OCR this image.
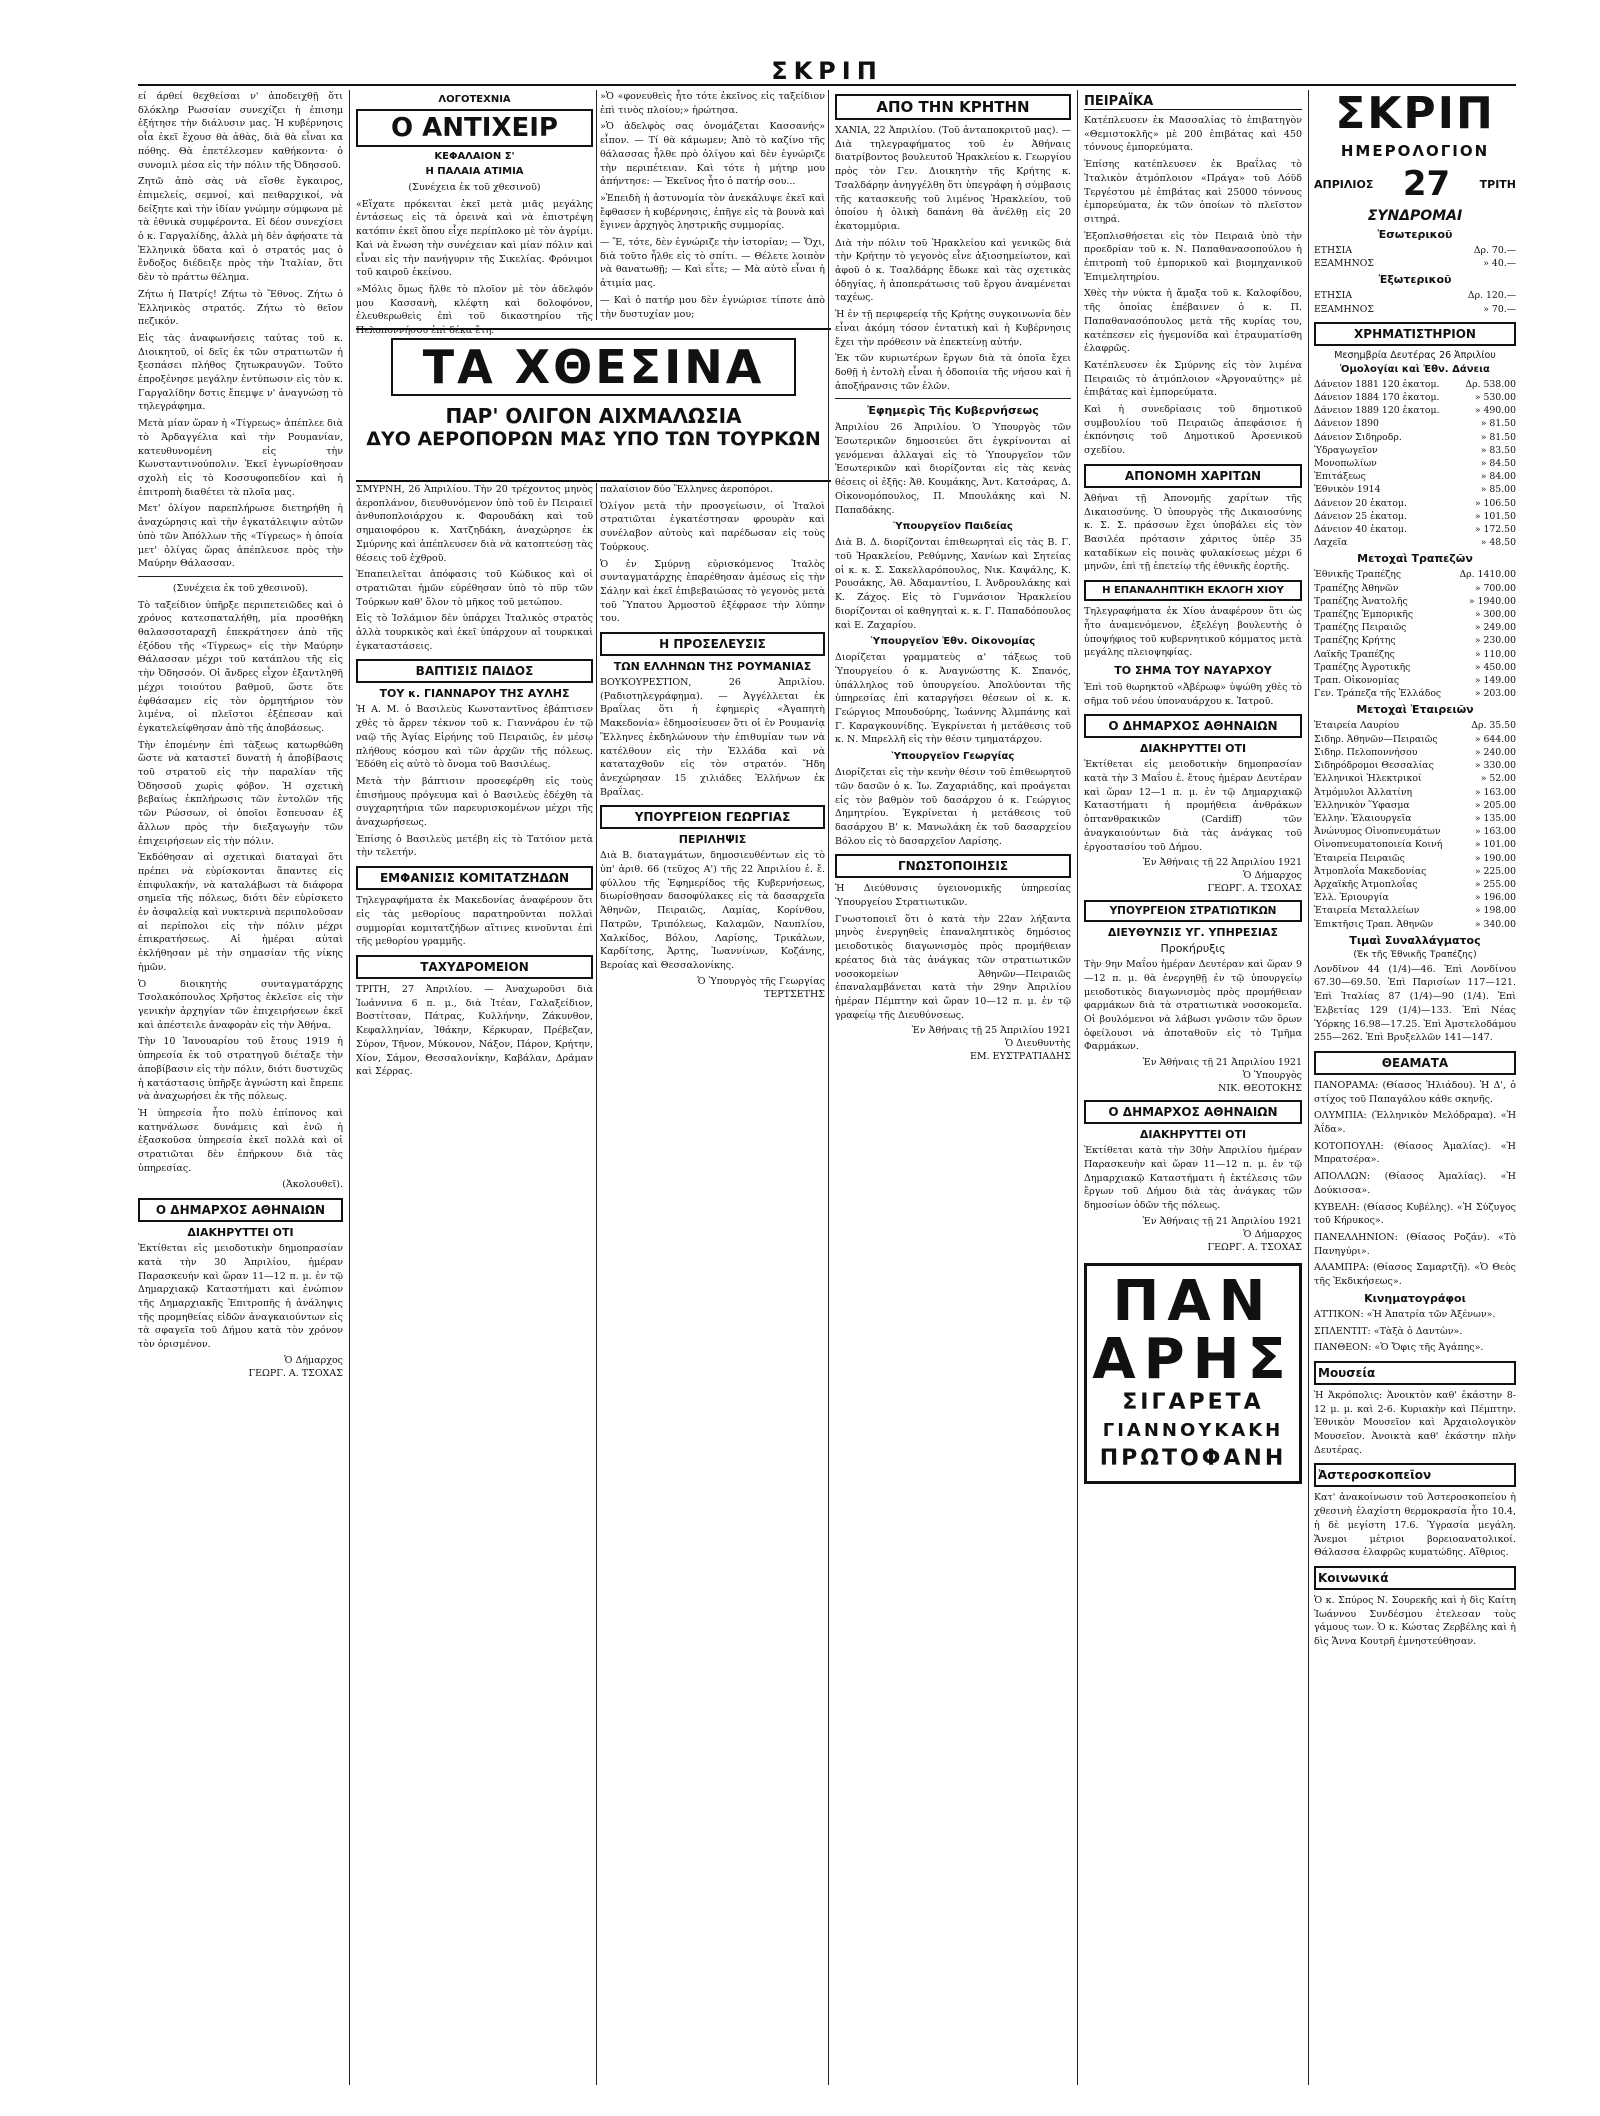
ΣΚΡΙΠ

εί άρθεί θεχθείσαι ν' ἀποδειχθῇ ὅτι δλόκληρ Ρωσσίαν συνεχίζει ἡ ἐπισημ ἐξήτησε τὴν διάλυσιν μας. Ἡ κυβέρνησις οἶα ἐκεῖ ἔχουσ θὰ ἀθὰς, διὰ θὰ εἶναι κα πόθης. Θὰ ἐπετέλεσμεν καθήκοντα· ὁ συνομιλ μέσα εἰς τὴν πόλιν τῆς Ὀδησσοῦ.

Ζητῶ ἀπὸ σὰς νὰ εἴσθε ἔγκαιρος, ἐπιμελείς, σεμνοί, καὶ πειθαρχικοί, νὰ δείξητε καὶ τὴν ἰδίαν γνώμην σύμφωνα μὲ τὰ ἐθνικὰ συμφέροντα. Εἰ δέον συνεχίσει ὁ κ. Γαργαλίδης, ἀλλὰ μὴ δὲν ἀφήσατε τὰ Ἑλληνικὰ ὕδατα καὶ ὁ στρατός μας ὁ ἔνδοξος διέδειξε πρὸς τὴν Ἰταλίαν, ὅτι δὲν τὸ πράττω θέλημα.

Ζήτω ἡ Πατρίς! Ζήτω τὸ Ἔθνος. Ζήτω ὁ Ἑλληνικὸς στρατός. Ζήτω τὸ θεῖον πεζικόν.

Εἰς τὰς ἀναφωνήσεις ταύτας τοῦ κ. Διοικητοῦ, οἱ δεῖς ἐκ τῶν στρατιωτῶν ἠ ξεσπάσει πλήθος ζητωκραυγῶν. Τοῦτο ἐπροξένησε μεγάλην ἐντύπωσιν εἰς τὸν κ. Γαργαλίδην δστις ἔπεμψε ν' ἀναγνώσῃ τὸ τηλεγράφημα.

Μετὰ μίαν ὥραν ἡ «Τίγρεως» ἀπέπλεε διὰ τὸ Ἀρδαγγέλια καὶ τὴν Ρουμανίαν, κατευθυνομένη εἰς τὴν Κωνσταντινούπολιν. Ἐκεῖ ἐγνωρίσθησαν σχολὴ εἰς τὸ Κοσσυφοπεδίον καὶ ἡ ἐπιτροπὴ διαθέτει τὰ πλοῖα μας.

Μετ' ὀλίγον παρεπλήρωσε διετηρήθη ἡ ἀναχώρησις καὶ τὴν ἐγκατάλειψιν αὐτῶν ὑπὸ τῶν Ἀπόλλων τῆς «Τίγρεως» ἡ ὁποία μετ' ὀλίγας ὥρας ἀπέπλευσε πρὸς τὴν Μαύρην Θάλασσαν.

(Συνέχεια ἐκ τοῦ χθεσινοῦ).

Τὸ ταξείδιον ὑπῆρξε περιπετειῶδες καὶ ὁ χρόνος κατεσπαταλήθη, μία προσθήκη θαλασσοταραχῆ ἐπεκράτησεν ἀπὸ τῆς ἐξόδου τῆς «Τίγρεως» εἰς τὴν Μαύρην Θάλασσαν μέχρι τοῦ κατάπλου τῆς εἰς τὴν Ὀδησσόν. Οἱ ἄνδρες εἶχον ἐξαντληθῆ μέχρι τοιούτου βαθμοῦ, ὥστε ὅτε ἐφθάσαμεν εἰς τὸν ὁρμητήριον τὸν λιμένα, οἱ πλεῖστοι ἐξέπεσαν καὶ ἐγκατελείφθησαν ἀπὸ τῆς ἀποβάσεως.

Τὴν ἐπομένην ἐπὶ τὰξεως κατωρθώθη ὥστε νὰ καταστεῖ δυνατὴ ἡ ἀποβίβασις τοῦ στρατοῦ εἰς τὴν παραλίαν τῆς Ὀδησσοῦ χωρὶς φόβον. Ἡ σχετικὴ βεβαίως ἐκπλήρωσις τῶν ἐντολῶν τῆς τῶν Ρώσσων, οἱ ὁποῖοι ἔσπευσαν ἐξ ἄλλων πρὸς τὴν διεξαγωγὴν τῶν ἐπιχειρήσεων εἰς τὴν πόλιν.

Ἐκδόθησαν αἱ σχετικαὶ διαταγαὶ ὅτι πρέπει νὰ εὑρίσκονται ἅπαντες εἰς ἐπιφυλακήν, νὰ καταλάβωσι τὰ διάφορα σημεῖα τῆς πόλεως, διότι δὲν εὑρίσκετο ἐν ἀσφαλείᾳ καὶ νυκτερινὰ περιπολοῦσαν αἱ περίπολοι εἰς τὴν πόλιν μέχρι ἐπικρατήσεως. Αἱ ἡμέραι αὐταὶ ἐκλήθησαν μὲ τὴν σημασίαν τῆς νίκης ἡμῶν.

Ὁ διοικητὴς συνταγματάρχης Τσολακόπουλος Χρῆστος ἐκλεῖσε εἰς τὴν γενικὴν ἀρχηγίαν τῶν ἐπιχειρήσεων ἐκεῖ καὶ ἀπέστειλε ἀναφορὰν εἰς τὴν Ἀθήνα.

Τὴν 10 Ἰανουαρίου τοῦ ἔτους 1919 ἡ ὑπηρεσία ἐκ τοῦ στρατηγοῦ διέταξε τὴν ἀποβίβασιν εἰς τὴν πόλιν, διότι δυστυχῶς ἡ κατάστασις ὑπῆρξε ἀγνώστη καὶ ἔπρεπε νὰ ἀναχωρήσει ἐκ τῆς πόλεως.

Ἡ ὑπηρεσία ἦτο πολὺ ἐπίπονος καὶ κατηνάλωσε δυνάμεις καὶ ἐνῶ ἡ ἐξασκοῦσα ὑπηρεσία ἐκεῖ πολλὰ καὶ οἱ στρατιῶται δὲν ἐπήρκουν διὰ τὰς ὑπηρεσίας.

(Ἀκολουθεῖ).

Ο ΔΗΜΑΡΧΟΣ ΑΘΗΝΑΙΩΝ
ΔΙΑΚΗΡΥΤΤΕΙ ΟΤΙ

Ἐκτίθεται εἰς μειοδοτικὴν δημοπρασίαν κατὰ τὴν 30 Ἀπριλίου, ἡμέραν Παρασκευήν καὶ ὥραν 11—12 π. μ. ἐν τῷ Δημαρχιακῷ Καταστήματι καὶ ἐνώπιον τῆς Δημαρχιακῆς Ἐπιτροπῆς ἡ ἀνάληψις τῆς προμηθείας εἰδῶν ἀναγκαιούντων εἰς τὰ σφαγεῖα τοῦ Δήμου κατὰ τὸν χρόνον τὸν ὁρισμένον.

Ὁ Δήμαρχος
ΓΕΩΡΓ. Α. ΤΣΟΧΑΣ
ΛΟΓΟΤΕΧΝΙΑ
Ο ΑΝΤΙΧΕΙΡ
ΚΕΦΑΛΑΙΟΝ Σ'
Η ΠΑΛΑΙΑ ΑΤΙΜΙΑ

(Συνέχεια ἐκ τοῦ χθεσινοῦ)

«Εἴχατε πρόκειται ἐκεῖ μετὰ μιᾶς μεγάλης ἐντάσεως εἰς τὰ ὀρεινὰ καὶ νὰ ἐπιστρέψη κατόπιν ἐκεῖ ὅπου εἶχε περίπλοκο μὲ τὸν ἀγρίμι. Καὶ νὰ ἔνωση τὴν συνέχειαν καὶ μίαν πόλιν καὶ εἶναι εἰς τὴν πανήγυριν τῆς Σικελίας. Φρόνιμοι τοῦ καιροῦ ἐκείνου.

»Μόλις ὅμως ἤλθε τὸ πλοῖον μὲ τὸν ἀδελφόν μου Κασσανὴ, κλέφτη καὶ δολοφόνον, ἐλευθερωθεὶς ἐπὶ τοῦ δικαστηρίου τῆς Πελοποννήσου ἐπὶ δέκα ἔτη.

»Ὁ «φονευθεὶς ἦτο τότε ἐκεῖνος εἰς ταξείδιον ἐπὶ τινὸς πλοίου;» ἡρώτησα.

»Ὁ ἀδελφὸς σας ὀνομάζεται Κασσανής» εἶπον. — Τί θὰ κάμωμεν; Ἀπὸ τὸ καζίνο τῆς θάλασσας ἦλθε πρὸ ὀλίγου καὶ δὲν ἐγνώριζε τὴν περιπέτειαν. Καὶ τότε ἡ μήτηρ μου ἀπήντησε: — Ἐκεῖνος ἦτο ὁ πατήρ σου...

»Ἐπειδὴ ἡ ἀστυνομία τὸν ἀνεκάλυψε ἐκεῖ καὶ ἔφθασεν ἡ κυβέρνησις, ἐπῆγε εἰς τὰ βουνὰ καὶ ἔγινεν ἀρχηγὸς ληστρικῆς συμμορίας.

— Ἔ, τότε, δὲν ἐγνώριζε τὴν ἱστορίαν; — Ὄχι, διὰ τοῦτο ἦλθε εἰς τὸ σπίτι. — Θέλετε λοιπὸν νὰ θανατωθῇ; — Καὶ εἶτε; — Μὰ αὐτὸ εἶναι ἡ ἀτιμία μας.

— Καὶ ὁ πατήρ μου δὲν ἐγνώρισε τίποτε ἀπὸ τὴν δυστυχίαν μου;

ΤΑ ΧΘΕΣΙΝΑ
ΠΑΡ' ΟΛΙΓΟΝ ΑΙΧΜΑΛΩΣΙΑ
ΔΥΟ ΑΕΡΟΠΟΡΩΝ ΜΑΣ ΥΠΟ ΤΩΝ ΤΟΥΡΚΩΝ

ΣΜΥΡΝΗ, 26 Ἀπριλίου. Τὴν 20 τρέχοντος μηνὸς ἀεροπλάνον, διευθυνόμενον ὑπὸ τοῦ ἐν Πειραιεῖ ἀνθυποπλοιάρχου κ. Φαρουδάκη καὶ τοῦ σημαιοφόρου κ. Χατζηδάκη, ἀναχώρησε ἐκ Σμύρνης καὶ ἀπέπλευσεν διὰ νὰ κατοπτεύσῃ τὰς θέσεις τοῦ ἐχθροῦ.

Ἐπαπειλεῖται ἀπόφασις τοῦ Κώδικος καὶ οἱ στρατιῶται ἡμῶν εὑρέθησαν ὑπὸ τὸ πῦρ τῶν Τούρκων καθ' ὅλον τὸ μῆκος τοῦ μετώπου.

Εἰς τὸ Ἰσλάμιον δὲν ὑπάρχει Ἰταλικὸς στρατὸς ἀλλὰ τουρκικὸς καὶ ἐκεῖ ὑπάρχουν αἱ τουρκικαὶ ἐγκαταστάσεις.

ΒΑΠΤΙΣΙΣ ΠΑΙΔΟΣ
ΤΟΥ κ. ΓΙΑΝΝΑΡΟΥ ΤΗΣ ΑΥΛΗΣ

Ἡ Α. Μ. ὁ Βασιλεὺς Κωνσταντῖνος ἐβάπτισεν χθὲς τὸ ἄρρεν τέκνον τοῦ κ. Γιαννάρου ἐν τῷ ναῷ τῆς Ἀγίας Εἰρήνης τοῦ Πειραιῶς, ἐν μέσῳ πλήθους κόσμου καὶ τῶν ἀρχῶν τῆς πόλεως. Ἐδόθη εἰς αὐτὸ τὸ ὄνομα τοῦ Βασιλέως.

Μετὰ τὴν βάπτισιν προσεφέρθη εἰς τοὺς ἐπισήμους πρόγευμα καὶ ὁ Βασιλεὺς ἐδέχθη τὰ συγχαρητήρια τῶν παρευρισκομένων μέχρι τῆς ἀναχωρήσεως.

Ἐπίσης ὁ Βασιλεὺς μετέβη εἰς τὸ Τατόιον μετὰ τὴν τελετήν.

ΕΜΦΑΝΙΣΙΣ ΚΟΜΙΤΑΤΖΗΔΩΝ

Τηλεγραφήματα ἐκ Μακεδονίας ἀναφέρουν ὅτι εἰς τὰς μεθορίους παρατηροῦνται πολλαὶ συμμορίαι κομιτατζήδων αἵτινες κινοῦνται ἐπὶ τῆς μεθορίου γραμμῆς.

ΤΑΧΥΔΡΟΜΕΙΟΝ

ΤΡΙΤΗ, 27 Ἀπριλίου. — Ἀναχωροῦσι διὰ Ἰωάννινα 6 π. μ., διὰ Ἰτέαν, Γαλαξείδιον, Βοστίτσαν, Πάτρας, Κυλλήνην, Ζάκυνθον, Κεφαλληνίαν, Ἰθάκην, Κέρκυραν, Πρέβεζαν, Σύρον, Τῆνον, Μύκονον, Νάξον, Πάρον, Κρήτην, Χίον, Σάμον, Θεσσαλονίκην, Καβάλαν, Δράμαν καὶ Σέρρας.

παλαίσιον δύο Ἕλληνες ἀεροπόροι.

Ὀλίγον μετὰ τὴν προσγείωσιν, οἱ Ἰταλοὶ στρατιῶται ἐγκατέστησαν φρουρὰν καὶ συνέλαβον αὐτοὺς καὶ παρέδωσαν εἰς τοὺς Τούρκους.

Ὁ ἐν Σμύρνῃ εὑρισκόμενος Ἰταλὸς συνταγματάρχης ἐπαρέθησαν ἀμέσως εἰς τὴν Σάλην καὶ ἐκεῖ ἐπιβεβαιώσας τὸ γεγονὸς μετὰ τοῦ Ὕπατου Ἀρμοστοῦ ἐξέφρασε τὴν λύπην του.

Η ΠΡΟΣΕΛΕΥΣΙΣ
ΤΩΝ ΕΛΛΗΝΩΝ ΤΗΣ ΡΟΥΜΑΝΙΑΣ

ΒΟΥΚΟΥΡΕΣΤΙΟΝ, 26 Ἀπριλίου. (Ραδιοτηλεγράφημα). — Ἀγγέλλεται ἐκ Βραΐλας ὅτι ἡ ἐφημερὶς «Ἀγαπητὴ Μακεδονία» ἐδημοσίευσεν ὅτι οἱ ἐν Ρουμανίᾳ Ἕλληνες ἐκδηλώνουν τὴν ἐπιθυμίαν των νὰ κατέλθουν εἰς τὴν Ἑλλάδα καὶ νὰ καταταχθοῦν εἰς τὸν στρατόν. Ἤδη ἀνεχώρησαν 15 χιλιάδες Ἑλλήνων ἐκ Βραΐλας.

ΥΠΟΥΡΓΕΙΟΝ ΓΕΩΡΓΙΑΣ
ΠΕΡΙΛΗΨΙΣ

Διὰ Β. διαταγμάτων, δημοσιευθέντων εἰς τὸ ὑπ' ἀριθ. 66 (τεῦχος Α') τῆς 22 Ἀπριλίου ἐ. ἔ. φύλλου τῆς Ἐφημερίδος τῆς Κυβερνήσεως, διωρίσθησαν δασοφύλακες εἰς τὰ δασαρχεῖα Ἀθηνῶν, Πειραιῶς, Λαμίας, Κορίνθου, Πατρῶν, Τριπόλεως, Καλαμῶν, Ναυπλίου, Χαλκίδος, Βόλου, Λαρίσης, Τρικάλων, Καρδίτσης, Ἀρτης, Ἰωαννίνων, Κοζάνης, Βεροίας καὶ Θεσσαλονίκης.

Ὁ Ὑπουργὸς τῆς Γεωργίας
ΤΕΡΤΣΕΤΗΣ
ΑΠΟ ΤΗΝ ΚΡΗΤΗΝ

ΧΑΝΙΑ, 22 Ἀπριλίου. (Τοῦ ἀνταποκριτοῦ μας). — Διὰ τηλεγραφήματος τοῦ ἐν Ἀθήναις διατρίβοντος βουλευτοῦ Ἡρακλείου κ. Γεωργίου πρὸς τὸν Γεν. Διοικητὴν τῆς Κρήτης κ. Τσαλδάρην ἀνηγγέλθη ὅτι ὑπεγράφη ἡ σύμβασις τῆς κατασκευῆς τοῦ λιμένος Ἡρακλείου, τοῦ ὁποίου ἡ ὁλικὴ δαπάνη θὰ ἀνέλθῃ εἰς 20 ἑκατομμύρια.

Διὰ τὴν πόλιν τοῦ Ἡρακλείου καὶ γενικῶς διὰ τὴν Κρήτην τὸ γεγονὸς εἶνε ἀξιοσημείωτον, καὶ ἀφοῦ ὁ κ. Τσαλδάρης ἔδωκε καὶ τὰς σχετικὰς ὁδηγίας, ἡ ἀποπεράτωσις τοῦ ἔργου ἀναμένεται ταχέως.

Ἡ ἐν τῇ περιφερείᾳ τῆς Κρήτης συγκοινωνία δὲν εἶναι ἀκόμη τόσον ἐντατικὴ καὶ ἡ Κυβέρνησις ἔχει τὴν πρόθεσιν νὰ ἐπεκτείνῃ αὐτήν.

Ἐκ τῶν κυριωτέρων ἔργων διὰ τὰ ὁποῖα ἔχει δοθῇ ἡ ἐντολὴ εἶναι ἡ ὁδοποιία τῆς νήσου καὶ ἡ ἀποξήρανσις τῶν ἑλῶν.

Ἐφημερὶς Τῆς Κυβερνήσεως

Ἀπριλίου 26 Ἀπριλίου. Ὁ Ὑπουργὸς τῶν Ἐσωτερικῶν δημοσιεύει ὅτι ἐγκρίνονται αἱ γενόμεναι ἀλλαγαὶ εἰς τὸ Ὑπουργεῖον τῶν Ἐσωτερικῶν καὶ διορίζονται εἰς τὰς κενὰς θέσεις οἱ ἑξῆς: Ἀθ. Κουμάκης, Ἀντ. Κατσάρας, Δ. Οἰκονομόπουλος, Π. Μπουλάκης καὶ Ν. Παπαδάκης.

Ὑπουργεῖον Παιδείας

Διὰ Β. Δ. διορίζονται ἐπιθεωρηταὶ εἰς τὰς Β. Γ. τοῦ Ἡρακλείου, Ρεθύμνης, Χανίων καὶ Σητείας οἱ κ. κ. Σ. Σακελλαρόπουλος, Νικ. Καψάλης, Κ. Ρουσάκης, Ἀθ. Ἀδαμαντίου, Ι. Ἀνδρουλάκης καὶ Κ. Ζάχος. Εἰς τὸ Γυμνάσιον Ἡρακλείου διορίζονται οἱ καθηγηταὶ κ. κ. Γ. Παπαδόπουλος καὶ Ε. Ζαχαρίου.

Ὑπουργεῖον Ἐθν. Οἰκονομίας

Διορίζεται γραμματεὺς α' τάξεως τοῦ Ὑπουργείου ὁ κ. Ἀναγνώστης Κ. Σπανός, ὑπάλληλος τοῦ ὑπουργείου. Ἀπολύονται τῆς ὑπηρεσίας ἐπὶ καταργήσει θέσεων οἱ κ. κ. Γεώργιος Μπουδούρης, Ἰωάννης Ἀλμπάνης καὶ Γ. Καραγκουνίδης. Ἐγκρίνεται ἡ μετάθεσις τοῦ κ. Ν. Μπρελλῆ εἰς τὴν θέσιν τμηματάρχου.

Ὑπουργεῖον Γεωργίας

Διορίζεται εἰς τὴν κενὴν θέσιν τοῦ ἐπιθεωρητοῦ τῶν δασῶν ὁ κ. Ἰω. Ζαχαριάδης, καὶ προάγεται εἰς τὸν βαθμὸν τοῦ δασάρχου ὁ κ. Γεώργιος Δημητρίου. Ἐγκρίνεται ἡ μετάθεσις τοῦ δασάρχου Β' κ. Μανωλάκη ἐκ τοῦ δασαρχείου Βόλου εἰς τὸ δασαρχεῖον Λαρίσης.

ΓΝΩΣΤΟΠΟΙΗΣΙΣ

Ἡ Διεύθυνσις ὑγειονομικῆς ὑπηρεσίας Ὑπουργείου Στρατιωτικῶν.

Γνωστοποιεῖ ὅτι ὁ κατὰ τὴν 22αν λήξαντα μηνὸς ἐνεργηθεὶς ἐπαναληπτικὸς δημόσιος μειοδοτικὸς διαγωνισμὸς πρὸς προμήθειαν κρέατος διὰ τὰς ἀνάγκας τῶν στρατιωτικῶν νοσοκομείων Ἀθηνῶν—Πειραιῶς ἐπαναλαμβάνεται κατὰ τὴν 29ην Ἀπριλίου ἡμέραν Πέμπτην καὶ ὥραν 10—12 π. μ. ἐν τῷ γραφείῳ τῆς Διευθύνσεως.

Ἐν Ἀθήναις τῇ 25 Ἀπριλίου 1921
Ὁ Διευθυντὴς
ΕΜ. ΕΥΣΤΡΑΤΙΑΔΗΣ
ΠΕΙΡΑΪΚΑ

Κατέπλευσεν ἐκ Μασσαλίας τὸ ἐπιβατηγὸν «Θεμιστοκλῆς» μὲ 200 ἐπιβάτας καὶ 450 τόννους ἐμπορεύματα.

Ἐπίσης κατέπλευσεν ἐκ Βραΐλας τὸ Ἰταλικὸν ἀτμόπλοιον «Πράγα» τοῦ Λόϋδ Τεργέστου μὲ ἐπιβάτας καὶ 25000 τόννους ἐμπορεύματα, ἐκ τῶν ὁποίων τὸ πλεῖστον σιτηρά.

Ἐξοπλισθήσεται εἰς τὸν Πειραιᾶ ὑπὸ τὴν προεδρίαν τοῦ κ. Ν. Παπαθανασοπούλου ἡ ἐπιτροπὴ τοῦ ἐμπορικοῦ καὶ βιομηχανικοῦ Ἐπιμελητηρίου.

Χθὲς τὴν νύκτα ἡ ἄμαξα τοῦ κ. Καλοφίδου, τῆς ὁποίας ἐπέβαινεν ὁ κ. Π. Παπαθανασόπουλος μετὰ τῆς κυρίας του, κατέπεσεν εἰς ἡγεμονίδα καὶ ἐτραυματίσθη ἐλαφρῶς.

Κατέπλευσεν ἐκ Σμύρνης εἰς τὸν λιμένα Πειραιῶς τὸ ἀτμόπλοιον «Ἀργοναύτης» μὲ ἐπιβάτας καὶ ἐμπορεύματα.

Καὶ ἡ συνεδρίασις τοῦ δημοτικοῦ συμβουλίου τοῦ Πειραιῶς ἀπεφάσισε ἡ ἐκπόνησις τοῦ Δημοτικοῦ Ἀρσενικοῦ σχεδίου.

ΑΠΟΝΟΜΗ ΧΑΡΙΤΩΝ

Ἀθήναι τῇ Ἀπονομῆς χαρίτων τῆς Δικαιοσύνης. Ὁ ὑπουργὸς τῆς Δικαιοσύνης κ. Σ. Σ. πράσσων ἔχει ὑποβάλει εἰς τὸν Βασιλέα πρότασιν χάριτος ὑπὲρ 35 καταδίκων εἰς ποινὰς φυλακίσεως μέχρι 6 μηνῶν, ἐπὶ τῇ ἐπετείῳ τῆς ἐθνικῆς ἑορτῆς.

Η ΕΠΑΝΑΛΗΠΤΙΚΗ ΕΚΛΟΓΗ ΧΙΟΥ

Τηλεγραφήματα ἐκ Χίου ἀναφέρουν ὅτι ὡς ἦτο ἀναμενόμενον, ἐξελέγη βουλευτὴς ὁ ὑποψήφιος τοῦ κυβερνητικοῦ κόμματος μετὰ μεγάλης πλειοψηφίας.

ΤΟ ΣΗΜΑ ΤΟΥ ΝΑΥΑΡΧΟΥ

Ἐπὶ τοῦ θωρηκτοῦ «Ἀβέρωφ» ὑψώθη χθὲς τὸ σῆμα τοῦ νέου ὑποναυάρχου κ. Ἰατροῦ.

Ο ΔΗΜΑΡΧΟΣ ΑΘΗΝΑΙΩΝ
ΔΙΑΚΗΡΥΤΤΕΙ ΟΤΙ

Ἐκτίθεται εἰς μειοδοτικὴν δημοπρασίαν κατὰ τὴν 3 Μαΐου ἐ. ἔτους ἡμέραν Δευτέραν καὶ ὥραν 12—1 π. μ. ἐν τῷ Δημαρχιακῷ Καταστήματι ἡ προμήθεια ἀνθράκων ὀπτανθρακικῶν (Cardiff) τῶν ἀναγκαιούντων διὰ τὰς ἀνάγκας τοῦ ἐργοστασίου τοῦ Δήμου.

Ἐν Ἀθήναις τῇ 22 Ἀπριλίου 1921
Ὁ Δήμαρχος
ΓΕΩΡΓ. Α. ΤΣΟΧΑΣ
ΥΠΟΥΡΓΕΙΟΝ ΣΤΡΑΤΙΩΤΙΚΩΝ
ΔΙΕΥΘΥΝΣΙΣ ΥΓ. ΥΠΗΡΕΣΙΑΣ
Προκήρυξις

Τὴν 9ην Μαΐου ἡμέραν Δευτέραν καὶ ὥραν 9—12 π. μ. θὰ ἐνεργηθῇ ἐν τῷ ὑπουργείῳ μειοδοτικὸς διαγωνισμὸς πρὸς προμήθειαν φαρμάκων διὰ τὰ στρατιωτικὰ νοσοκομεῖα. Οἱ βουλόμενοι νὰ λάβωσι γνῶσιν τῶν ὅρων ὀφείλουσι νὰ ἀποταθοῦν εἰς τὸ Τμῆμα Φαρμάκων.

Ἐν Ἀθήναις τῇ 21 Ἀπριλίου 1921
Ὁ Ὑπουργὸς
ΝΙΚ. ΘΕΟΤΟΚΗΣ
Ο ΔΗΜΑΡΧΟΣ ΑΘΗΝΑΙΩΝ
ΔΙΑΚΗΡΥΤΤΕΙ ΟΤΙ

Ἐκτίθεται κατὰ τὴν 30ὴν Ἀπριλίου ἡμέραν Παρασκευὴν καὶ ὥραν 11—12 π. μ. ἐν τῷ Δημαρχιακῷ Καταστήματι ἡ ἐκτέλεσις τῶν ἔργων τοῦ Δήμου διὰ τὰς ἀνάγκας τῶν δημοσίων ὁδῶν τῆς πόλεως.

Ἐν Ἀθήναις τῇ 21 Ἀπριλίου 1921
Ὁ Δήμαρχος
ΓΕΩΡΓ. Α. ΤΣΟΧΑΣ
ΠΑΝ
ΑΡΗΣ
ΣΙΓΑΡΕΤΑ
ΓΙΑΝΝΟΥΚΑΚΗ
ΠΡΩΤΟΦΑΝΗ
ΣΚΡΙΠ
ΗΜΕΡΟΛΟΓΙΟΝ
ΑΠΡΙΛΙΟΣ 27	ΤΡΙΤΗ
ΣΥΝΔΡΟΜΑΙ
Ἐσωτερικοῦ
ΕΤΗΣΙΑ	Δρ. 70.—
ΕΞΑΜΗΝΟΣ	» 40.—
Ἐξωτερικοῦ
ΕΤΗΣΙΑ	Δρ. 120.—
ΕΞΑΜΗΝΟΣ	» 70.—
ΧΡΗΜΑΤΙΣΤΗΡΙΟΝ
Μεσημβρία Δευτέρας 26 Ἀπριλίου
Ὁμολογίαι καὶ Ἐθν. Δάνεια
Δάνειον 1881 120 ἑκατομ.	Δρ. 538.00
Δάνειον 1884 170 ἑκατομ.	» 530.00
Δάνειον 1889 120 ἑκατομ.	» 490.00
Δάνειον 1890	» 81.50
Δάνειον Σιδηροδρ.	» 81.50
Ὑδραγωγεῖον	» 83.50
Μονοπωλίων	» 84.50
Ἐπιτάξεως	» 84.00
Ἐθνικὸν 1914	» 85.00
Δάνειον 20 ἑκατομ.	» 106.50
Δάνειον 25 ἑκατομ.	» 101.50
Δάνειον 40 ἑκατομ.	» 172.50
Λαχεῖα	» 48.50
Μετοχαὶ Τραπεζῶν
Ἐθνικῆς Τραπέζης	Δρ. 1410.00
Τραπέζης Ἀθηνῶν	» 700.00
Τραπέζης Ἀνατολῆς	» 1940.00
Τραπέζης Ἐμπορικῆς	» 300.00
Τραπέζης Πειραιῶς	» 249.00
Τραπέζης Κρήτης	» 230.00
Λαϊκῆς Τραπέζης	» 110.00
Τραπέζης Ἀγροτικῆς	» 450.00
Τραπ. Οἰκονομίας	» 149.00
Γεν. Τράπεζα τῆς Ἑλλάδος	» 203.00
Μετοχαὶ Ἑταιρειῶν
Ἑταιρεία Λαυρίου	Δρ. 35.50
Σιδηρ. Ἀθηνῶν—Πειραιῶς	» 644.00
Σιδηρ. Πελοποννήσου	» 240.00
Σιδηρόδρομοι Θεσσαλίας	» 330.00
Ἑλληνικοὶ Ἠλεκτρικοί	» 52.00
Ἀτμόμυλοι Ἀλλατίνη	» 163.00
Ἑλληνικὸν Ὕφασμα	» 205.00
Ἑλλην. Ἐλαιουργεῖα	» 135.00
Ἀνώνυμος Οἰνοπνευμάτων	» 163.00
Οἰνοπνευματοποιεία Κοινή	» 101.00
Ἑταιρεία Πειραιῶς	» 190.00
Ἀτμοπλοΐα Μακεδονίας	» 225.00
Ἀρχαϊκῆς Ἀτμοπλοΐας	» 255.00
Ἑλλ. Ἐριουργία	» 196.00
Ἑταιρεία Μεταλλείων	» 198.00
Ἐπικτῆσις Τραπ. Ἀθηνῶν	» 340.00
Τιμαὶ Συναλλάγματος
(Ἐκ τῆς Ἐθνικῆς Τραπέζης)

Λονδῖνον 44 (1/4)—46. Ἐπὶ Λονδίνου 67.30—69.50. Ἐπὶ Παρισίων 117—121. Ἐπὶ Ἰταλίας 87 (1/4)—90 (1/4). Ἐπὶ Ἑλβετίας 129 (1/4)—133. Ἐπὶ Νέας Ὑόρκης 16.98—17.25. Ἐπὶ Ἀμστελοδάμου 255—262. Ἐπὶ Βρυξελλῶν 141—147.

ΘΕΑΜΑΤΑ

ΠΑΝΟΡΑΜΑ: (Θίασος Ἠλιάδου). Ἡ Δ', ὁ στίχος τοῦ Παπαγάλου κάθε σκηνῆς.

ΟΛΥΜΠΙΑ: (Ἑλληνικὸν Μελόδραμα). «Ἡ Ἀΐδα».

ΚΟΤΟΠΟΥΛΗ: (Θίασος Ἀμαλίας). «Ἡ Μπρατσέρα».

ΑΠΟΛΛΩΝ: (Θίασος Ἀμαλίας). «Ἡ Δούκισσα».

ΚΥΒΕΛΗ: (Θίασος Κυβέλης). «Ἡ Σύζυγος τοῦ Κήρυκος».

ΠΑΝΕΛΛΗΝΙΟΝ: (Θίασος Ροζάν). «Τὸ Πανηγύρι».

ΑΛΑΜΠΡΑ: (Θίασος Σαμαρτζῆ). «Ὁ Θεὸς τῆς Ἐκδικήσεως».

Κινηματογράφοι

ΑΤΤΙΚΟΝ: «Ἡ Ἀπατρία τῶν Ἀξένων».

ΣΠΛΕΝΤΙΤ: «Τὰξὰ ὁ Δαντὼν».

ΠΑΝΘΕΟΝ: «Ὁ Ὄφις τῆς Ἀγάπης».

Μουσεία

Ἡ Ἀκρόπολις: Ἀνοικτὸν καθ' ἑκάστην 8-12 μ. μ. καὶ 2-6. Κυριακὴν καὶ Πέμπτην. Ἐθνικὸν Μουσεῖον καὶ Ἀρχαιολογικὸν Μουσεῖον. Ἀνοικτὰ καθ' ἑκάστην πλὴν Δευτέρας.

Ἀστεροσκοπεῖον

Κατ' ἀνακοίνωσιν τοῦ Ἀστεροσκοπείου ἡ χθεσινὴ ἐλαχίστη θερμοκρασία ἦτο 10.4, ἡ δὲ μεγίστη 17.6. Ὑγρασία μεγάλη. Ἄνεμοι μέτριοι βορειοανατολικοί. Θάλασσα ἐλαφρῶς κυματώδης. Αἴθριος.

Κοινωνικά

Ὁ κ. Σπύρος Ν. Σουρεκῆς καὶ ἡ δὶς Καίτη Ἰωάννου Συνδέσμου ἐτελεσαν τοὺς γάμους των. Ὁ κ. Κώστας Ζερβέλης καὶ ἡ δὶς Ἄννα Κουτρῆ ἐμνηστεύθησαν.
